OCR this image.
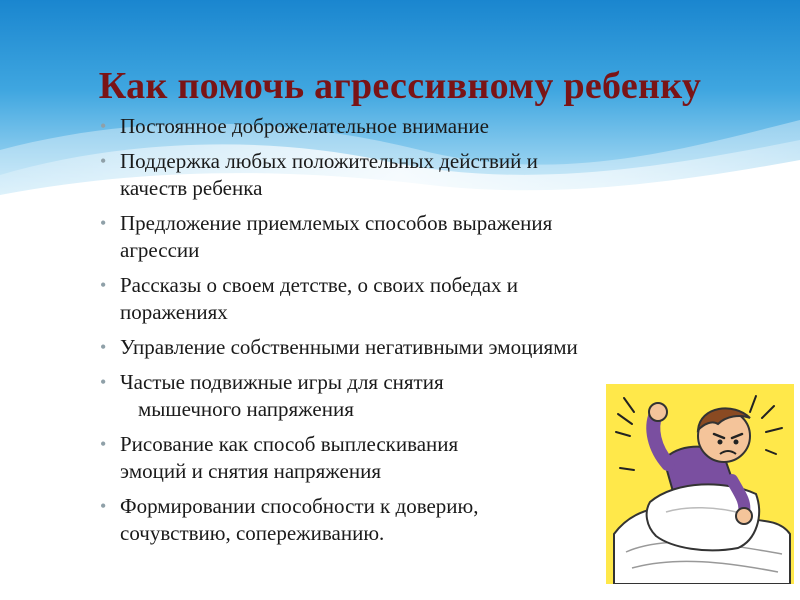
Как помочь агрессивному ребенку
• Постоянное доброжелательное внимание
• Поддержка любых положительных действий и
качеств ребенка
• Предложение приемлемых способов выражения
агрессии
• Рассказы о своем детстве, о своих победах и
поражениях
• Управление собственными негативными эмоциями
• Частые подвижные игры для снятия
мышечного напряжения
• Рисование как способ выплескивания
эмоций и снятия напряжения
• Формировании способности к доверию,
сочувствию, сопереживанию.
